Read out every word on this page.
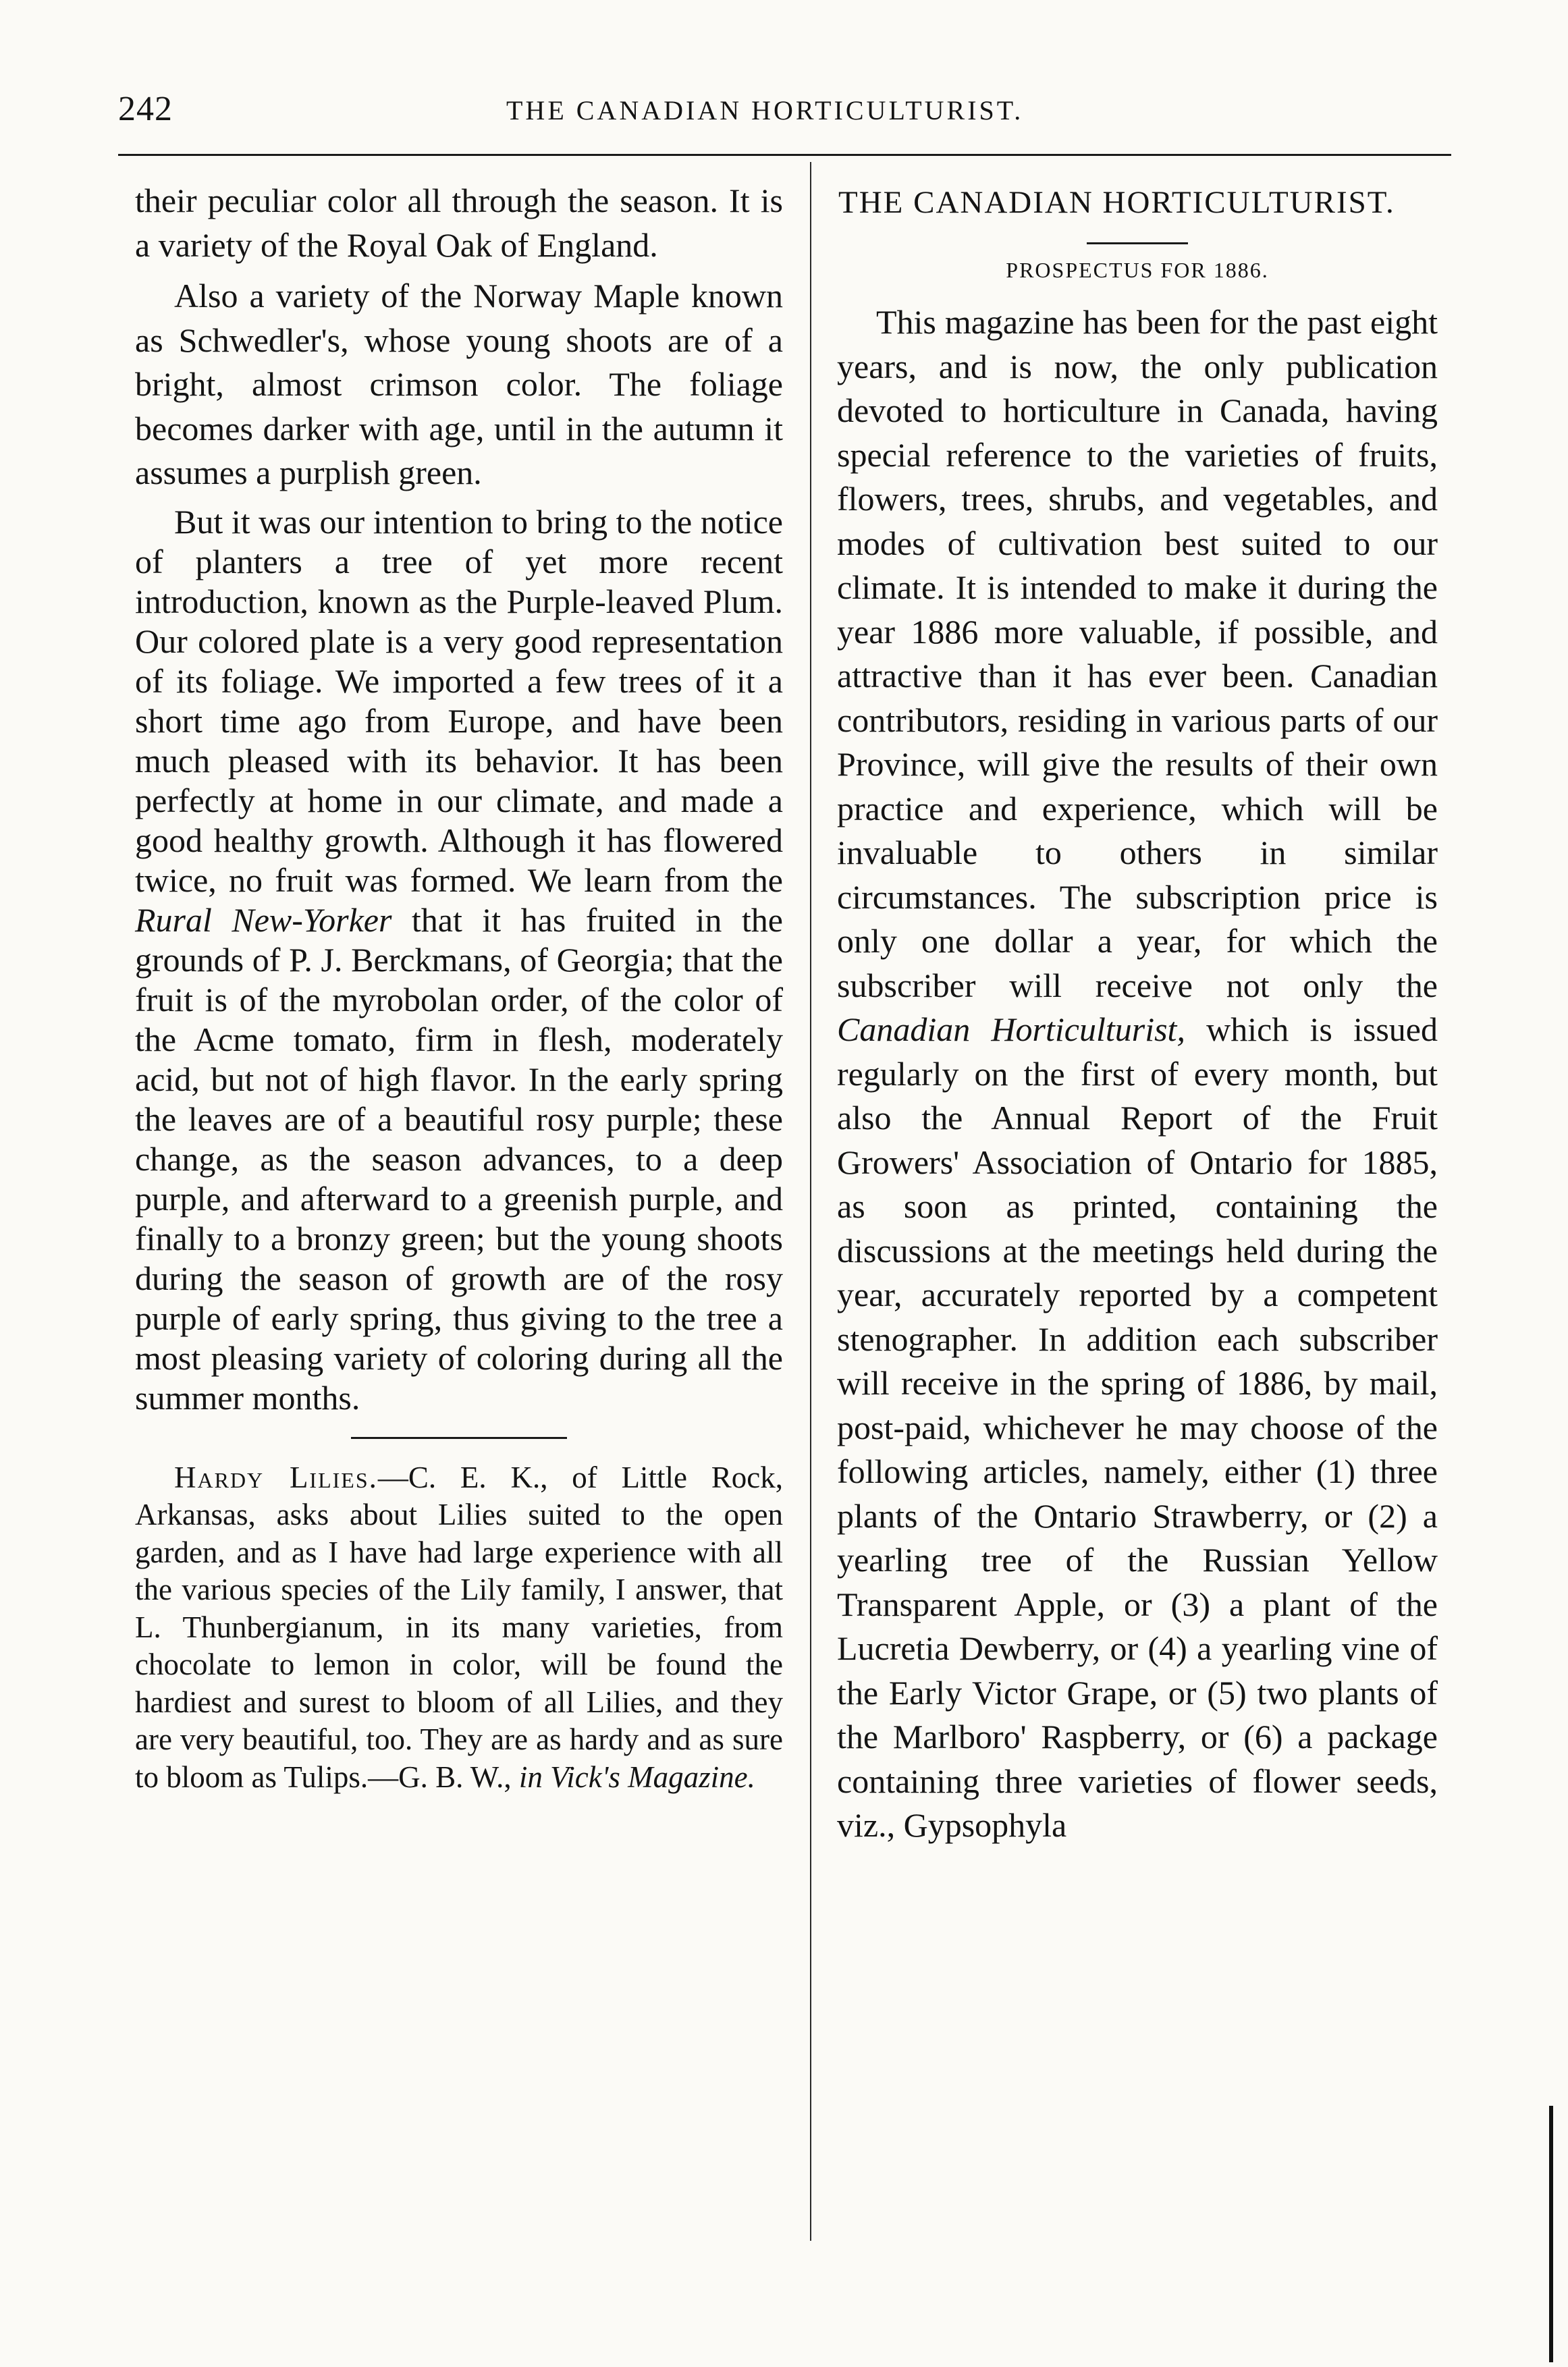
242	THE CANADIAN HORTICULTURIST.

their peculiar color all through the season. It is a variety of the Royal Oak of England.

Also a variety of the Norway Maple known as Schwedler's, whose young shoots are of a bright, almost crimson color. The foliage becomes darker with age, until in the autumn it assumes a purplish green.

But it was our intention to bring to the notice of planters a tree of yet more recent introduction, known as the Purple-leaved Plum. Our colored plate is a very good representation of its foliage. We imported a few trees of it a short time ago from Europe, and have been much pleased with its behavior. It has been perfectly at home in our climate, and made a good healthy growth. Although it has flowered twice, no fruit was formed. We learn from the Rural New-Yorker that it has fruited in the grounds of P. J. Berckmans, of Georgia; that the fruit is of the myrobolan order, of the color of the Acme tomato, firm in flesh, moderately acid, but not of high flavor. In the early spring the leaves are of a beautiful rosy purple; these change, as the season advances, to a deep purple, and afterward to a greenish purple, and finally to a bronzy green; but the young shoots during the season of growth are of the rosy purple of early spring, thus giving to the tree a most pleasing variety of coloring during all the summer months.

Hardy Lilies.—C. E. K., of Little Rock, Arkansas, asks about Lilies suited to the open garden, and as I have had large experience with all the various species of the Lily family, I answer, that L. Thunbergianum, in its many varieties, from chocolate to lemon in color, will be found the hardiest and surest to bloom of all Lilies, and they are very beautiful, too. They are as hardy and as sure to bloom as Tulips.—G. B. W., in Vick's Magazine.

THE CANADIAN HORTICULTURIST.

PROSPECTUS FOR 1886.

This magazine has been for the past eight years, and is now, the only publication devoted to horticulture in Canada, having special reference to the varieties of fruits, flowers, trees, shrubs, and vegetables, and modes of cultivation best suited to our climate. It is intended to make it during the year 1886 more valuable, if possible, and attractive than it has ever been. Canadian contributors, residing in various parts of our Province, will give the results of their own practice and experience, which will be invaluable to others in similar circumstances. The subscription price is only one dollar a year, for which the subscriber will receive not only the Canadian Horticulturist, which is issued regularly on the first of every month, but also the Annual Report of the Fruit Growers' Association of Ontario for 1885, as soon as printed, containing the discussions at the meetings held during the year, accurately reported by a competent stenographer. In addition each subscriber will receive in the spring of 1886, by mail, post-paid, whichever he may choose of the following articles, namely, either (1) three plants of the Ontario Strawberry, or (2) a yearling tree of the Russian Yellow Transparent Apple, or (3) a plant of the Lucretia Dewberry, or (4) a yearling vine of the Early Victor Grape, or (5) two plants of the Marlboro' Raspberry, or (6) a package containing three varieties of flower seeds, viz., Gypsophyla
